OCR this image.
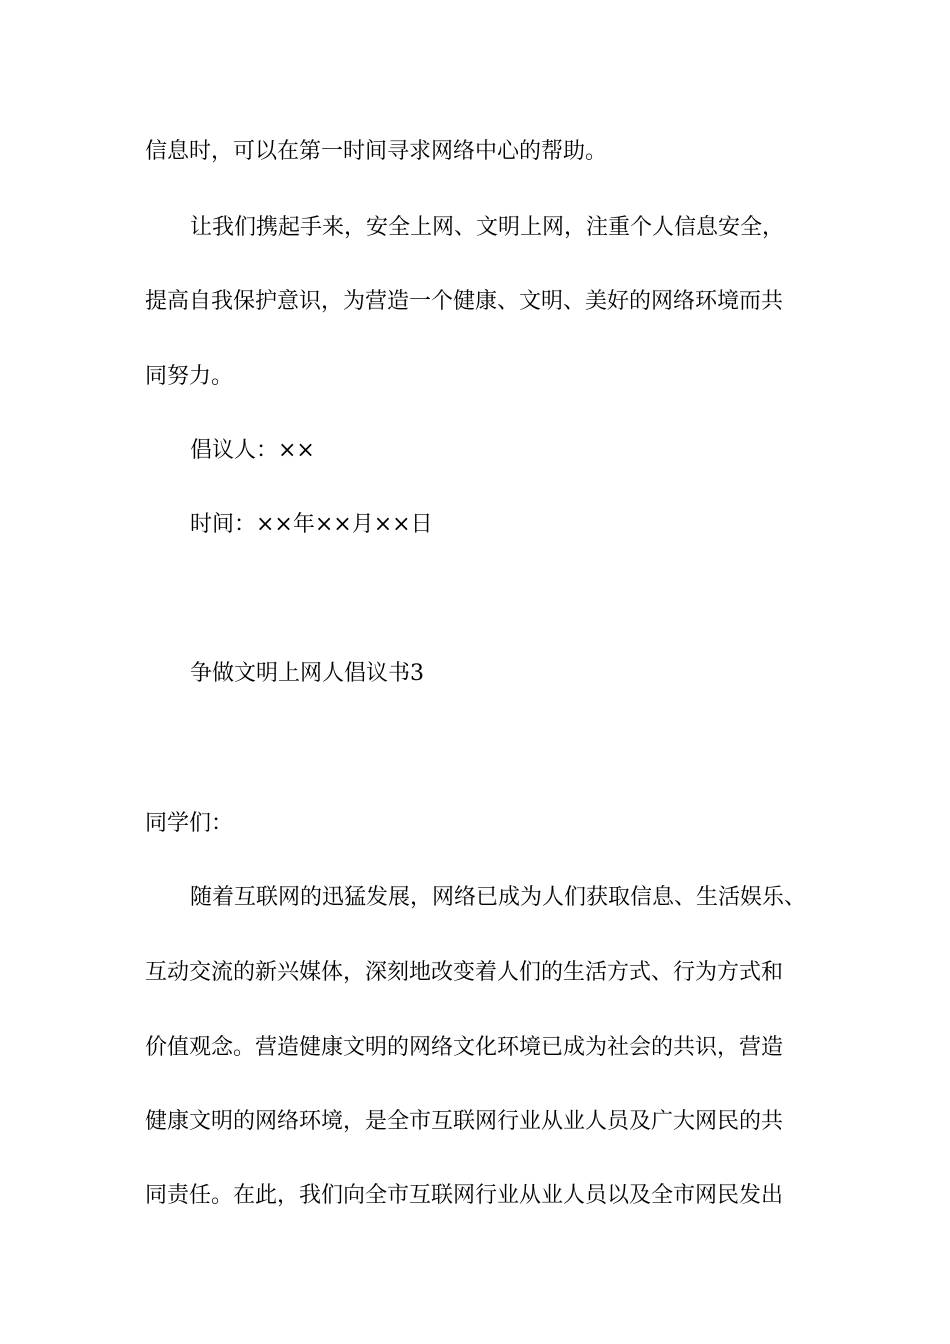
信息时，可以在第一时间寻求网络中心的帮助。
让我们携起手来，安全上网、文明上网，注重个人信息安全，
提高自我保护意识，为营造一个健康、文明、美好的网络环境而共
同努力。
倡议人：××
时间：××年××月××日
争做文明上网人倡议书3
同学们：
随着互联网的迅猛发展，网络已成为人们获取信息、生活娱乐、
互动交流的新兴媒体，深刻地改变着人们的生活方式、行为方式和
价值观念。营造健康文明的网络文化环境已成为社会的共识，营造
健康文明的网络环境，是全市互联网行业从业人员及广大网民的共
同责任。在此，我们向全市互联网行业从业人员以及全市网民发出
